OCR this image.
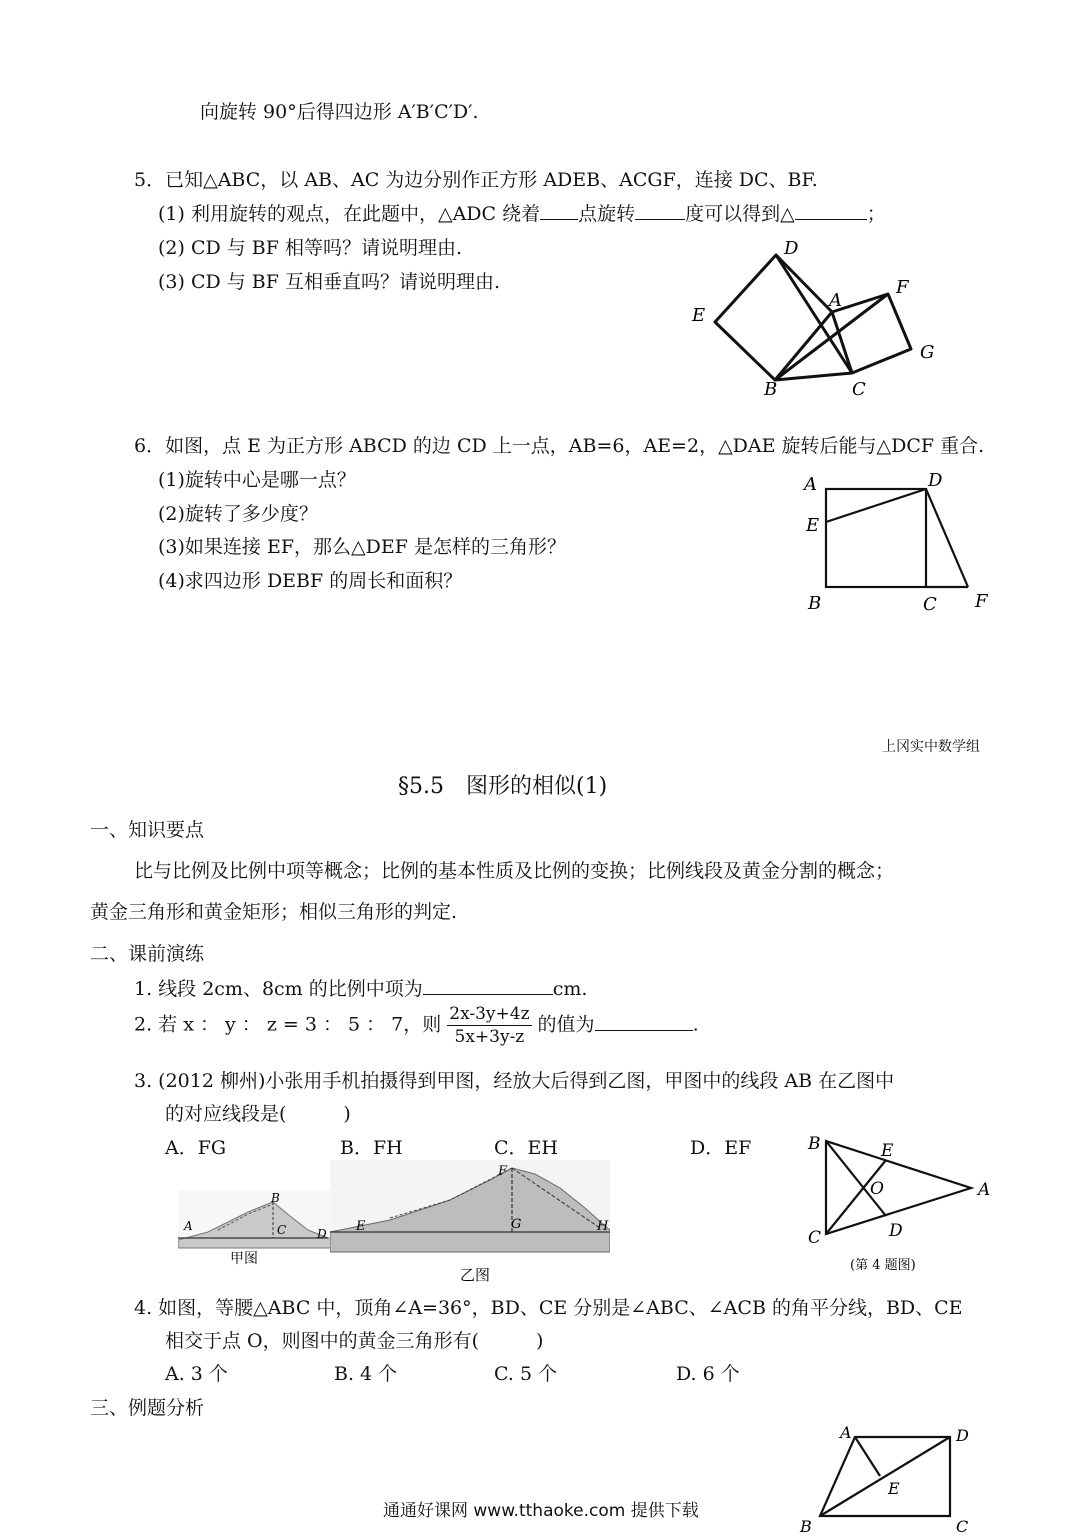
向旋转 90°后得四边形 A′B′C′D′.
5．已知△ABC，以 AB、AC 为边分别作正方形 ADEB、ACGF，连接 DC、BF.
(1) 利用旋转的观点，在此题中，△ADC 绕着 点旋转	度可以得到△	；
(2) CD 与 BF 相等吗？请说明理由.
(3) CD 与 BF 互相垂直吗？请说明理由.
D
A
F
E
G
B	C
6．如图，点 E 为正方形 ABCD 的边 CD 上一点，AB=6，AE=2，△DAE 旋转后能与△DCF 重合.
(1)旋转中心是哪一点？
(2)旋转了多少度？
(3)如果连接 EF，那么△DEF 是怎样的三角形？
(4)求四边形 DEBF 的周长和面积？
A	D
E
B	C F
上冈实中数学组
§5.5　图形的相似(1)
一、知识要点
比与比例及比例中项等概念；比例的基本性质及比例的变换；比例线段及黄金分割的概念；
黄金三角形和黄金矩形；相似三角形的判定.
二、课前演练
1. 线段 2cm、8cm 的比例中项为	cm.
2. 若 x ： y ： z = 3 ： 5 ： 7，则 $\frac{2x-3y+4z}{5x+3y-z}$ 的值为	.
3. (2012 柳州)小张用手机拍摄得到甲图，经放大后得到乙图，甲图中的线段 AB 在乙图中
的对应线段是(　　　)
A．FG	B．FH	C．EH	D．EF
A
B
C	D
甲图
E
F
G	H
乙图
B	E
O	A
C	D
(第 4 题图)
4. 如图，等腰△ABC 中，顶角∠A=36°，BD、CE 分别是∠ABC、∠ACB 的角平分线，BD、CE
相交于点 O，则图中的黄金三角形有(　　　)
A. 3 个	B. 4 个	C. 5 个	D. 6 个
三、例题分析
A	D
E
B	C
通通好课网 www.tthaoke.com 提供下载
